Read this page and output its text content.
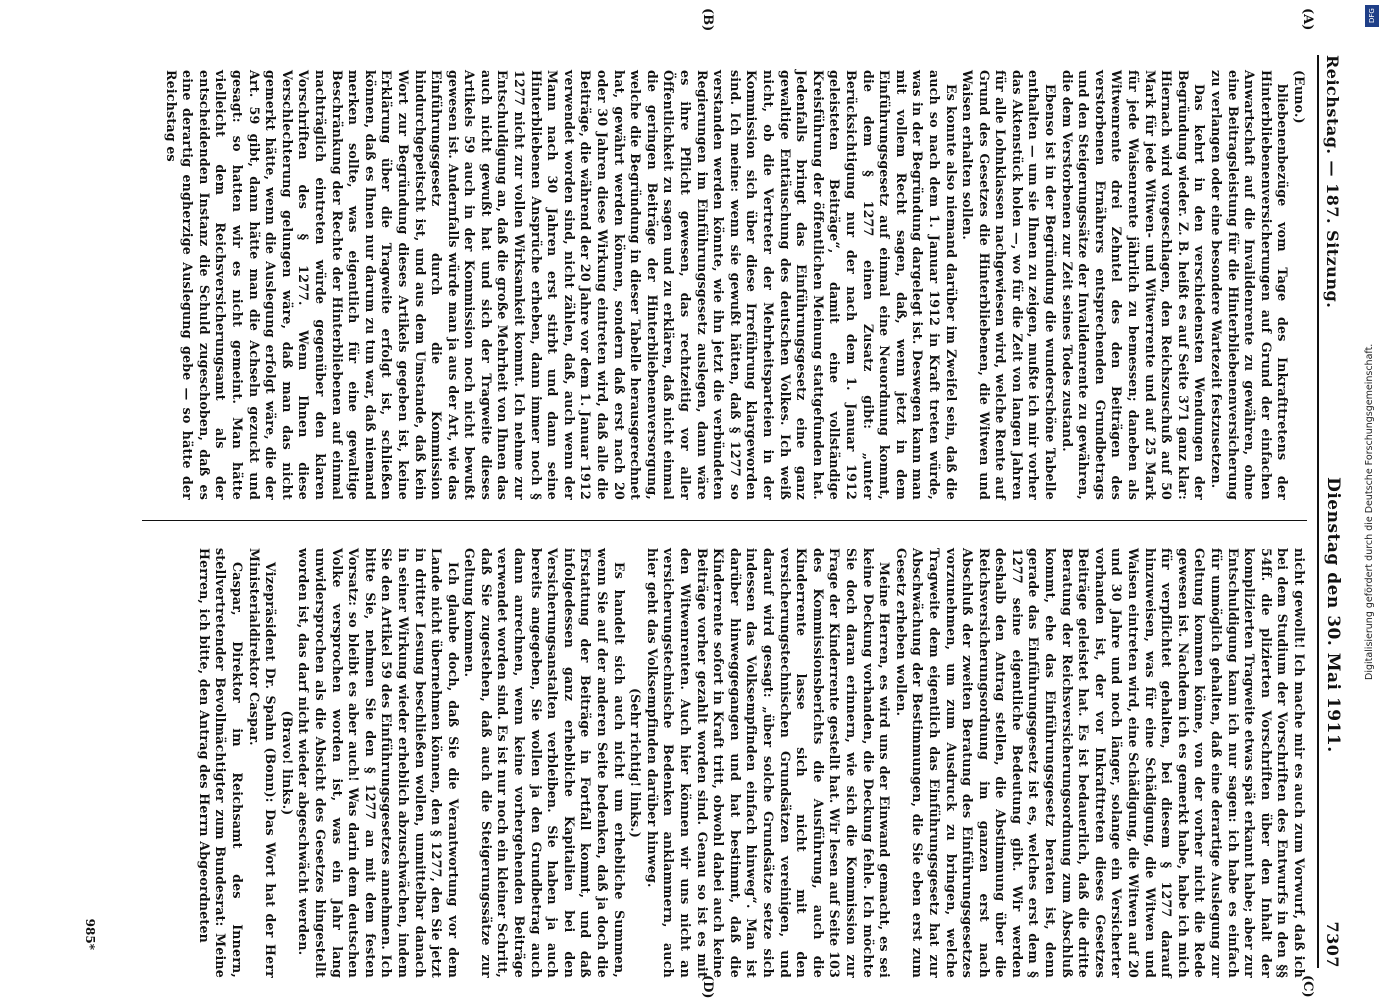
Reichstag. — 187. Sitzung.
Dienstag den 30. Mai 1911.
7307
(A)
(B)
(C)
(D)

(Euno.)

bliebenenbezüge vom Tage des Inkrafttretens der Hinterbliebenenversicherungen auf Grund der einfachen Anwartschaft auf die Invalidenrente zu gewähren, ohne eine Beitragsleistung für die Hinterbliebenenversicherung zu verlangen oder eine besondere Wartezeit festzusetzen.

Das kehrt in den verschiedensten Wendungen der Begründung wieder. Z. B. heißt es auf Seite 371 ganz klar: Hiernach wird vorgeschlagen, den Reichszuschuß auf 50 Mark für jede Witwen- und Witwerrente und auf 25 Mark für jede Waisenrente jährlich zu bemessen; daneben als Witwenrente drei Zehntel des den Beiträgen des verstorbenen Ernährers entsprechenden Grundbetrags und den Steigerungssätze der Invalidenrente zu gewähren, die dem Verstorbenen zur Zeit seines Todes zustand.

Ebenso ist in der Begründung die wunderschöne Tabelle enthalten — um sie Ihnen zu zeigen, mußte ich mir vorher das Aktenstück holen —, wo für die Zeit von langen Jahren für alle Lohnklassen nachgewiesen wird, welche Rente auf Grund des Gesetzes die Hinterbliebenen, die Witwen und Waisen erhalten sollen.

Es konnte also niemand darüber im Zweifel sein, daß die auch so nach dem 1. Januar 1912 in Kraft treten würde, was in der Begründung dargelegt ist. Deswegen kann man mit vollem Recht sagen, daß, wenn jetzt in dem Einführungsgesetz auf einmal eine Neuordnung kommt, die dem § 1277 einen Zusatz gibt: „unter Berücksichtigung nur der nach dem 1. Januar 1912 geleisteten Beiträge“, damit eine vollständige Kreisführung der öffentlichen Meinung stattgefunden hat. Jedenfalls bringt das Einführungsgesetz eine ganz gewaltige Enttäuschung des deutschen Volkes. Ich weiß nicht, ob die Vertreter der Mehrheitsparteien in der Kommission sich über diese Irreführung klargeworden sind. Ich meine: wenn sie gewußt hätten, daß § 1277 so verstanden werden könnte, wie ihn jetzt die verbündeten Regierungen im Einführungsgesetz auslegen, dann wäre es ihre Pflicht gewesen, das rechtzeitig vor aller Öffentlichkeit zu sagen und zu erklären, daß nicht einmal die geringen Beiträge der Hinterbliebenenversorgung, welche die Begründung in dieser Tabelle herausgerechnet hat, gewährt werden können, sondern daß erst nach 20 oder 30 Jahren diese Wirkung eintreten wird, daß alle die Beiträge, die während der 20 Jahre vor dem 1. Januar 1912 verwendet worden sind, nicht zählen, daß, auch wenn der Mann nach 30 Jahren erst stirbt und dann seine Hinterbliebenen Ansprüche erheben, dann immer noch § 1277 nicht zur vollen Wirksamkeit kommt. Ich nehme zur Entschuldigung an, daß die große Mehrheit von Ihnen das auch nicht gewußt hat und sich der Tragweite dieses Artikels 59 auch in der Kommission noch nicht bewußt gewesen ist. Andernfalls würde man ja aus der Art, wie das Einführungsgesetz durch die Kommission hindurchgepeitscht ist, und aus dem Umstande, daß kein Wort zur Begründung dieses Artikels gegeben ist, keine Erklärung über die Tragweite erfolgt ist, schließen können, daß es Ihnen nur darum zu tun war, daß niemand merken sollte, was eigentlich für eine gewaltige Beschränkung der Rechte der Hinterbliebenen auf einmal nachträglich eintreten würde gegenüber den klaren Vorschriften des § 1277. Wenn Ihnen diese Verschlechterung gelungen wäre, daß man das nicht gemerkt hätte, wenn die Auslegung erfolgt wäre, die der Art. 59 gibt, dann hätte man die Achseln gezuckt und gesagt: so hatten wir es nicht gemeint. Man hätte vielleicht dem Reichsversicherungsamt als der entscheidenden Instanz die Schuld zugeschoben, daß es eine derartig engherzige Auslegung gebe — so hätte der Reichstag es

nicht gewollt! Ich mache mir es auch zum Vorwurf, daß ich bei dem Studium der Vorschriften des Entwurfs in den §§ 54ff. die plizierten Vorschriften über den Inhalt der komplizierten Tragweite etwas spät erkannt habe; aber zur Entschuldigung kann ich nur sagen: ich habe es einfach für unmöglich gehalten, daß eine derartige Auslegung zur Geltung kommen könne, von der vorher nicht die Rede gewesen ist. Nachdem ich es gemerkt habe, habe ich mich für verpflichtet gehalten, bei diesem § 1277 darauf hinzuweisen, was für eine Schädigung, die Witwen und Waisen eintreten wird, eine Schädigung, die Witwen auf 20 und 30 Jahre und noch länger, solange ein Versicherter vorhanden ist, der vor Inkrafttreten dieses Gesetzes Beiträge geleistet hat. Es ist bedauerlich, daß die dritte Beratung der Reichsversicherungsordnung zum Abschluß kommt, ehe das Einführungsgesetz beraten ist, denn gerade das Einführungsgesetz ist es, welches erst dem § 1277 seine eigentliche Bedeutung gibt. Wir werden deshalb den Antrag stellen, die Abstimmung über die Reichsversicherungsordnung im ganzen erst nach Abschluß der zweiten Beratung des Einführungsgesetzes vorzunehmen, um zum Ausdruck zu bringen, welche Tragweite dem eigentlich das Einführungsgesetz hat zur Abschwächung der Bestimmungen, die Sie eben erst zum Gesetz erheben wollen.

Meine Herren, es wird uns der Einwand gemacht, es sei keine Deckung vorhanden, die Deckung fehle. Ich möchte Sie doch daran erinnern, wie sich die Kommission zur Frage der Kinderrente gestellt hat. Wir lesen auf Seite 103 des Kommissionsberichts die Ausführung, auch die Kinderrente lasse sich nicht mit den versicherungstechnischen Grundsätzen vereinigen, und darauf wird gesagt: „über solche Grundsätze setze sich indessen das Volksempfinden einfach hinweg“. Man ist darüber hinweggegangen und hat bestimmt, daß die Kinderrente sofort in Kraft tritt, obwohl dabei auch keine Beiträge vorher gezahlt worden sind. Genau so ist es mit den Witwenrenten. Auch hier können wir uns nicht an versicherungstechnische Bedenken anklammern, auch hier geht das Volksempfinden darüber hinweg.

(Sehr richtig! links.)

Es handelt sich auch nicht um erhebliche Summen, wenn Sie auf der anderen Seite bedenken, daß ja doch die Erstattung der Beiträge in Fortfall kommt, und daß infolgedessen ganz erhebliche Kapitalien bei den Versicherungsanstalten verbleiben. Sie haben ja auch bereits angegeben, Sie wollen ja den Grundbetrag auch dann anrechnen, wenn keine vorhergehenden Beiträge verwendet worden sind. Es ist nur noch ein kleiner Schritt, daß Sie zugestehen, daß auch die Steigerungssätze zur Geltung kommen.

Ich glaube doch, daß Sie die Verantwortung vor dem Lande nicht übernehmen können, den § 1277, den Sie jetzt in dritter Lesung beschließen wollen, unmittelbar danach in seiner Wirkung wieder erheblich abzuschwächen, indem Sie den Artikel 59 des Einführungsgesetzes annehmen. Ich bitte Sie, nehmen Sie den § 1277 an mit dem festen Vorsatz: so bleibt es aber auch! Was darin dem deutschen Volke versprochen worden ist, was ein Jahr lang unwidersprochen als die Absicht des Gesetzes hingestellt worden ist, das darf nicht wieder abgeschwächt werden.

(Bravo! links.)

Vizepräsident Dr. Spahn (Bonn): Das Wort hat der Herr Ministerialdirektor Caspar.

Caspar, Direktor im Reichsamt des Innern, stellvertretender Bevollmächtigter zum Bundesrat: Meine Herren, ich bitte, den Antrag des Herrn Abgeordneten

985*
DFG
Digitalisierung gefördert durch die Deutsche Forschungsgemeinschaft.
